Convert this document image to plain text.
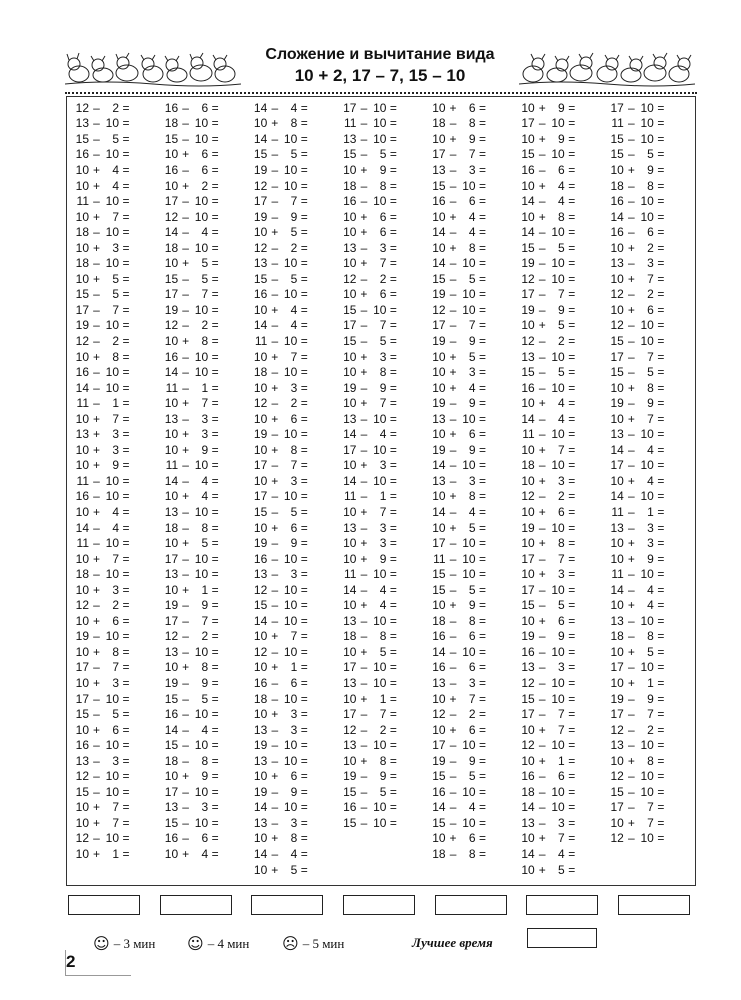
Сложение и вычитание вида
10 + 2, 17 – 7, 15 – 10
12 –	2 =
13 – 10 =
15 –	5 =
16 – 10 =
10 +	4 =
10 +	4 =
11 – 10 =
10 +	7 =
18 – 10 =
10 +	3 =
18 – 10 =
10 +	5 =
15 –	5 =
17 –	7 =
19 – 10 =
12 –	2 =
10 +	8 =
16 – 10 =
14 – 10 =
11 –	1 =
10 +	7 =
13 +	3 =
10 +	3 =
10 +	9 =
11 – 10 =
16 – 10 =
10 +	4 =
14 –	4 =
11 – 10 =
10 +	7 =
18 – 10 =
10 +	3 =
12 –	2 =
10 +	6 =
19 – 10 =
10 +	8 =
17 –	7 =
10 +	3 =
17 – 10 =
15 –	5 =
10 +	6 =
16 – 10 =
13 –	3 =
12 – 10 =
15 – 10 =
10 +	7 =
10 +	7 =
12 – 10 =
10 +	1 =
16 –	6 =
18 – 10 =
15 – 10 =
10 +	6 =
16 –	6 =
10 +	2 =
17 – 10 =
12 – 10 =
14 –	4 =
18 – 10 =
10 +	5 =
15 –	5 =
17 –	7 =
19 – 10 =
12 –	2 =
10 +	8 =
16 – 10 =
14 – 10 =
11 –	1 =
10 +	7 =
13 –	3 =
10 +	3 =
10 +	9 =
11 – 10 =
14 –	4 =
10 +	4 =
13 – 10 =
18 –	8 =
10 +	5 =
17 – 10 =
13 – 10 =
10 +	1 =
19 –	9 =
17 –	7 =
12 –	2 =
13 – 10 =
10 +	8 =
19 –	9 =
15 –	5 =
16 – 10 =
14 –	4 =
15 – 10 =
18 –	8 =
10 +	9 =
17 – 10 =
13 –	3 =
15 – 10 =
16 –	6 =
10 +	4 =
14 –	4 =
10 +	8 =
14 – 10 =
15 –	5 =
19 – 10 =
12 – 10 =
17 –	7 =
19 –	9 =
10 +	5 =
12 –	2 =
13 – 10 =
15 –	5 =
16 – 10 =
10 +	4 =
14 –	4 =
11 – 10 =
10 +	7 =
18 – 10 =
10 +	3 =
12 –	2 =
10 +	6 =
19 – 10 =
10 +	8 =
17 –	7 =
10 +	3 =
17 – 10 =
15 –	5 =
10 +	6 =
19 –	9 =
16 – 10 =
13 –	3 =
12 – 10 =
15 – 10 =
14 – 10 =
10 +	7 =
12 – 10 =
10 +	1 =
16 –	6 =
18 – 10 =
10 +	3 =
13 –	3 =
19 – 10 =
13 – 10 =
10 +	6 =
19 –	9 =
14 – 10 =
13 –	3 =
10 +	8 =
14 –	4 =
10 +	5 =
17 – 10 =
11 – 10 =
13 – 10 =
15 –	5 =
10 +	9 =
18 –	8 =
16 – 10 =
10 +	6 =
10 +	6 =
13 –	3 =
10 +	7 =
12 –	2 =
10 +	6 =
15 – 10 =
17 –	7 =
15 –	5 =
10 +	3 =
10 +	8 =
19 –	9 =
10 +	7 =
13 – 10 =
14 –	4 =
17 – 10 =
10 +	3 =
14 – 10 =
11 –	1 =
10 +	7 =
13 –	3 =
10 +	3 =
10 +	9 =
11 – 10 =
14 –	4 =
10 +	4 =
13 – 10 =
18 –	8 =
10 +	5 =
17 – 10 =
13 – 10 =
10 +	1 =
17 –	7 =
12 –	2 =
13 – 10 =
10 +	8 =
19 –	9 =
15 –	5 =
16 – 10 =
15 – 10 =
10 +	6 =
18 –	8 =
10 +	9 =
17 –	7 =
13 –	3 =
15 – 10 =
16 –	6 =
10 +	4 =
14 –	4 =
10 +	8 =
14 – 10 =
15 –	5 =
19 – 10 =
12 – 10 =
17 –	7 =
19 –	9 =
10 +	5 =
10 +	3 =
10 +	4 =
19 –	9 =
13 – 10 =
10 +	6 =
19 –	9 =
14 – 10 =
13 –	3 =
10 +	8 =
14 –	4 =
10 +	5 =
17 – 10 =
11 – 10 =
15 – 10 =
15 –	5 =
10 +	9 =
18 –	8 =
16 –	6 =
14 – 10 =
16 –	6 =
13 –	3 =
10 +	7 =
12 –	2 =
10 +	6 =
17 – 10 =
19 –	9 =
15 –	5 =
16 – 10 =
14 –	4 =
15 – 10 =
10 +	6 =
18 –	8 =
10 +	9 =
17 – 10 =
10 +	9 =
15 – 10 =
16 –	6 =
10 +	4 =
14 –	4 =
10 +	8 =
14 – 10 =
15 –	5 =
19 – 10 =
12 – 10 =
17 –	7 =
19 –	9 =
10 +	5 =
12 –	2 =
13 – 10 =
15 –	5 =
16 – 10 =
10 +	4 =
14 –	4 =
11 – 10 =
10 +	7 =
18 – 10 =
10 +	3 =
12 –	2 =
10 +	6 =
19 – 10 =
10 +	8 =
17 –	7 =
10 +	3 =
17 – 10 =
15 –	5 =
10 +	6 =
19 –	9 =
16 – 10 =
13 –	3 =
12 – 10 =
15 – 10 =
17 –	7 =
10 +	7 =
12 – 10 =
10 +	1 =
16 –	6 =
18 – 10 =
14 – 10 =
13 –	3 =
10 +	7 =
14 –	4 =
10 +	5 =
17 – 10 =
11 – 10 =
15 – 10 =
15 –	5 =
10 +	9 =
18 –	8 =
16 – 10 =
14 – 10 =
16 –	6 =
10 +	2 =
13 –	3 =
10 +	7 =
12 –	2 =
10 +	6 =
12 – 10 =
15 – 10 =
17 –	7 =
15 –	5 =
10 +	8 =
19 –	9 =
10 +	7 =
13 – 10 =
14 –	4 =
17 – 10 =
10 +	4 =
14 – 10 =
11 –	1 =
13 –	3 =
10 +	3 =
10 +	9 =
11 – 10 =
14 –	4 =
10 +	4 =
13 – 10 =
18 –	8 =
10 +	5 =
17 – 10 =
10 +	1 =
19 –	9 =
17 –	7 =
12 –	2 =
13 – 10 =
10 +	8 =
12 – 10 =
15 – 10 =
17 –	7 =
10 +	7 =
12 – 10 =
☺ – 3 мин ☺ – 4 мин ☹ – 5 мин	Лучшее время
2
